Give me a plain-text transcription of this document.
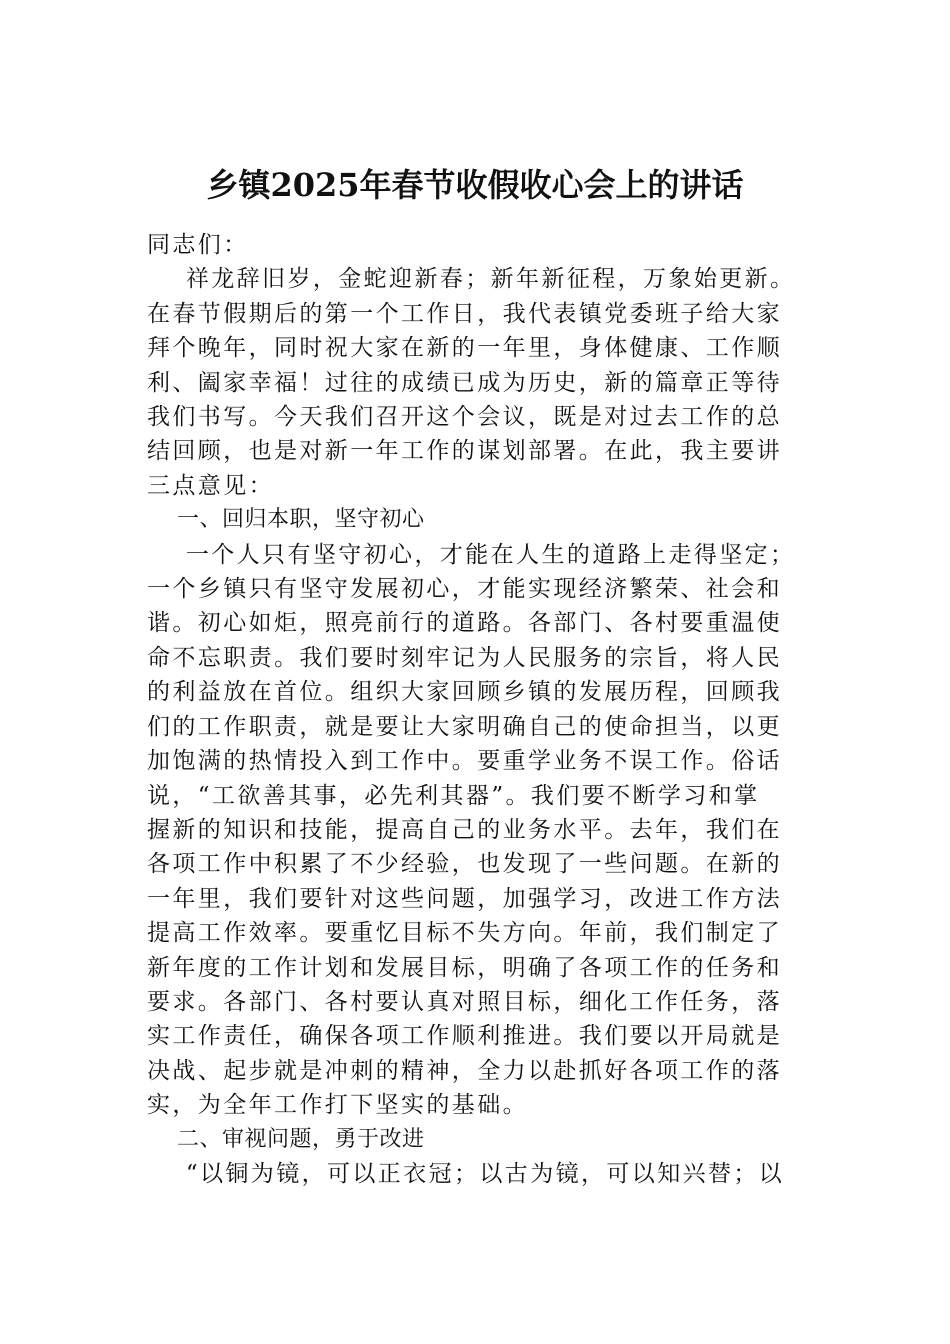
乡镇2025年春节收假收心会上的讲话

同志们：

祥龙辞旧岁，金蛇迎新春；新年新征程，万象始更新。

在春节假期后的第一个工作日，我代表镇党委班子给大家

拜个晚年，同时祝大家在新的一年里，身体健康、工作顺

利、阖家幸福！过往的成绩已成为历史，新的篇章正等待

我们书写。今天我们召开这个会议，既是对过去工作的总

结回顾，也是对新一年工作的谋划部署。在此，我主要讲

三点意见：

一、回归本职，坚守初心

一个人只有坚守初心，才能在人生的道路上走得坚定；

一个乡镇只有坚守发展初心，才能实现经济繁荣、社会和

谐。初心如炬，照亮前行的道路。各部门、各村要重温使

命不忘职责。我们要时刻牢记为人民服务的宗旨，将人民

的利益放在首位。组织大家回顾乡镇的发展历程，回顾我

们的工作职责，就是要让大家明确自己的使命担当，以更

加饱满的热情投入到工作中。要重学业务不误工作。俗话

说，“工欲善其事，必先利其器”。我们要不断学习和掌

握新的知识和技能，提高自己的业务水平。去年，我们在

各项工作中积累了不少经验，也发现了一些问题。在新的

一年里，我们要针对这些问题，加强学习，改进工作方法

提高工作效率。要重忆目标不失方向。年前，我们制定了

新年度的工作计划和发展目标，明确了各项工作的任务和

要求。各部门、各村要认真对照目标，细化工作任务，落

实工作责任，确保各项工作顺利推进。我们要以开局就是

决战、起步就是冲刺的精神，全力以赴抓好各项工作的落

实，为全年工作打下坚实的基础。

二、审视问题，勇于改进

“以铜为镜，可以正衣冠；以古为镜，可以知兴替；以
